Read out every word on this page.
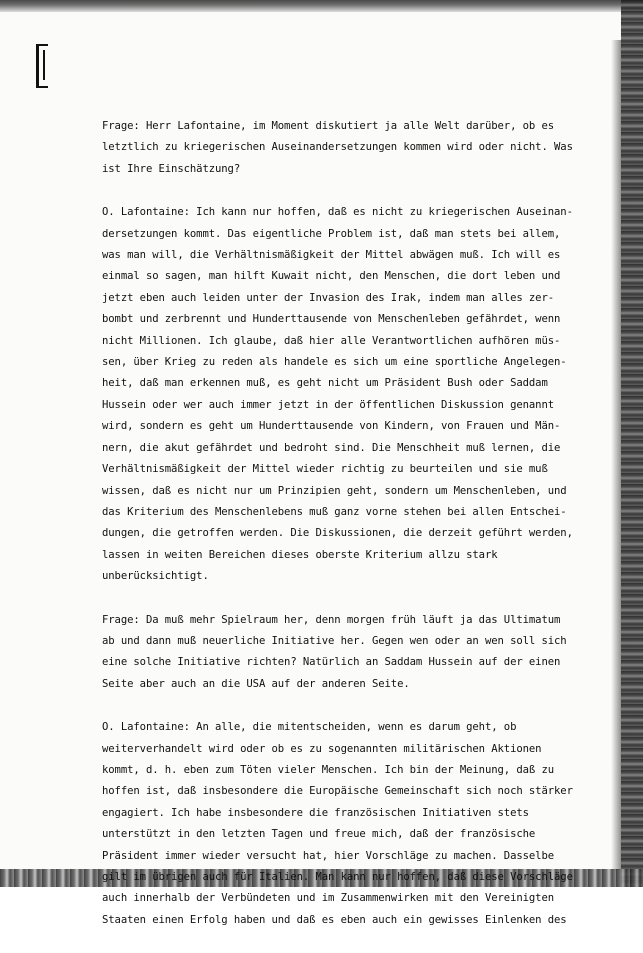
Frage: Herr Lafontaine, im Moment diskutiert ja alle Welt darüber, ob es
letztlich zu kriegerischen Auseinandersetzungen kommen wird oder nicht. Was
ist Ihre Einschätzung?

O. Lafontaine: Ich kann nur hoffen, daß es nicht zu kriegerischen Auseinan-
dersetzungen kommt. Das eigentliche Problem ist, daß man stets bei allem,
was man will, die Verhältnismäßigkeit der Mittel abwägen muß. Ich will es
einmal so sagen, man hilft Kuwait nicht, den Menschen, die dort leben und
jetzt eben auch leiden unter der Invasion des Irak, indem man alles zer-
bombt und zerbrennt und Hunderttausende von Menschenleben gefährdet, wenn
nicht Millionen. Ich glaube, daß hier alle Verantwortlichen aufhören müs-
sen, über Krieg zu reden als handele es sich um eine sportliche Angelegen-
heit, daß man erkennen muß, es geht nicht um Präsident Bush oder Saddam
Hussein oder wer auch immer jetzt in der öffentlichen Diskussion genannt
wird, sondern es geht um Hunderttausende von Kindern, von Frauen und Män-
nern, die akut gefährdet und bedroht sind. Die Menschheit muß lernen, die
Verhältnismäßigkeit der Mittel wieder richtig zu beurteilen und sie muß
wissen, daß es nicht nur um Prinzipien geht, sondern um Menschenleben, und
das Kriterium des Menschenlebens muß ganz vorne stehen bei allen Entschei-
dungen, die getroffen werden. Die Diskussionen, die derzeit geführt werden,
lassen in weiten Bereichen dieses oberste Kriterium allzu stark
unberücksichtigt.

Frage: Da muß mehr Spielraum her, denn morgen früh läuft ja das Ultimatum
ab und dann muß neuerliche Initiative her. Gegen wen oder an wen soll sich
eine solche Initiative richten? Natürlich an Saddam Hussein auf der einen
Seite aber auch an die USA auf der anderen Seite.

O. Lafontaine: An alle, die mitentscheiden, wenn es darum geht, ob
weiterverhandelt wird oder ob es zu sogenannten militärischen Aktionen
kommt, d. h. eben zum Töten vieler Menschen. Ich bin der Meinung, daß zu
hoffen ist, daß insbesondere die Europäische Gemeinschaft sich noch stärker
engagiert. Ich habe insbesondere die französischen Initiativen stets
unterstützt in den letzten Tagen und freue mich, daß der französische
Präsident immer wieder versucht hat, hier Vorschläge zu machen. Dasselbe
gilt im übrigen auch für Italien. Man kann nur hoffen, daß diese Vorschläge
auch innerhalb der Verbündeten und im Zusammenwirken mit den Vereinigten
Staaten einen Erfolg haben und daß es eben auch ein gewisses Einlenken des
